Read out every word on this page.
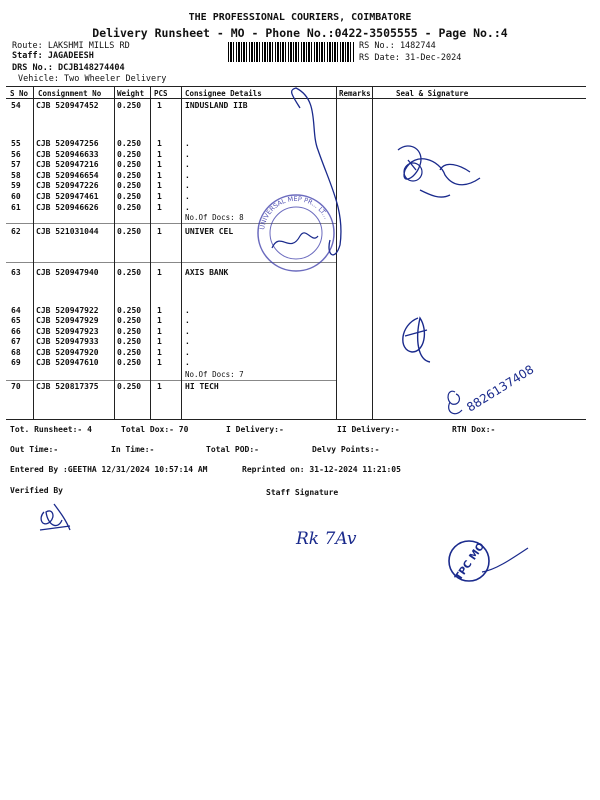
THE PROFESSIONAL COURIERS, COIMBATORE
Delivery Runsheet - MO - Phone No.:0422-3505555 - Page No.:4
Route: LAKSHMI MILLS RD
Staff: JAGADEESH
DRS No.: DCJB148274404
Vehicle: Two Wheeler Delivery
RS No.: 1482744
RS Date: 31-Dec-2024
S No Consignment No Weight PCS Consignee Details	Remarks	Seal & Signature
54 CJB 520947452 0.250 1	INDUSLAND IIB
55 CJB 520947256 0.250 1	.
56 CJB 520946633 0.250 1	.
57 CJB 520947216 0.250 1	.
58 CJB 520946654 0.250 1	.
59 CJB 520947226 0.250 1	.
60 CJB 520947461 0.250 1	.
61 CJB 520946626 0.250 1	.
62 CJB 521031044 0.250 1	UNIVER CEL
63 CJB 520947940 0.250 1	AXIS BANK
64 CJB 520947922 0.250 1	.
65 CJB 520947929 0.250 1	.
66 CJB 520947923 0.250 1	.
67 CJB 520947933 0.250 1	.
68 CJB 520947920 0.250 1	.
69 CJB 520947610 0.250 1	.
70 CJB 520817375 0.250 1	HI TECH
No.Of Docs: 8
No.Of Docs: 7
UNIVERSAL MEP PR... LT...
8826137408
Rk 7Av
TPC MO
Tot. Runsheet:- 4	Total Dox:- 70	I Delivery:-	II Delivery:-	RTN Dox:-
Out Time:-	In Time:-	Total POD:-	Delvy Points:-
Entered By :GEETHA 12/31/2024 10:57:14 AM	Reprinted on: 31-12-2024 11:21:05
Verified By	Staff Signature
